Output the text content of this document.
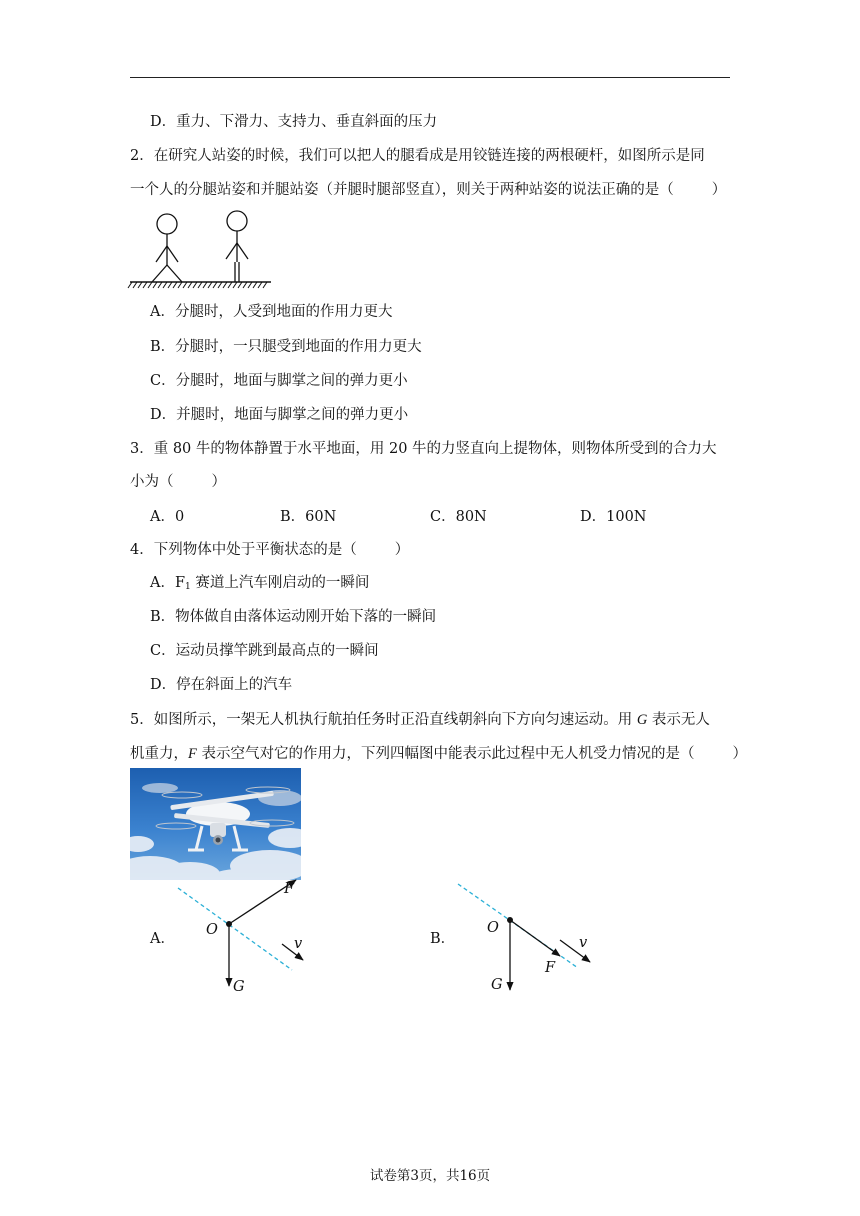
D．重力、下滑力、支持力、垂直斜面的压力
2．在研究人站姿的时候，我们可以把人的腿看成是用铰链连接的两根硬杆，如图所示是同
一个人的分腿站姿和并腿站姿（并腿时腿部竖直），则关于两种站姿的说法正确的是（	）
A．分腿时，人受到地面的作用力更大
B．分腿时，一只腿受到地面的作用力更大
C．分腿时，地面与脚掌之间的弹力更小
D．并腿时，地面与脚掌之间的弹力更小
3．重 80 牛的物体静置于水平地面，用 20 牛的力竖直向上提物体，则物体所受到的合力大
小为（	）
A．0	B．60N	C．80N	D．100N
4．下列物体中处于平衡状态的是（	）
A．$F_1$ 赛道上汽车刚启动的一瞬间
B．物体做自由落体运动刚开始下落的一瞬间
C．运动员撑竿跳到最高点的一瞬间
D．停在斜面上的汽车
5．如图所示，一架无人机执行航拍任务时正沿直线朝斜向下方向匀速运动。用 G 表示无人
机重力，F 表示空气对它的作用力，下列四幅图中能表示此过程中无人机受力情况的是（	）
A．
O
F
G
v	B．
O
F
G
v
试卷第3页，共16页
